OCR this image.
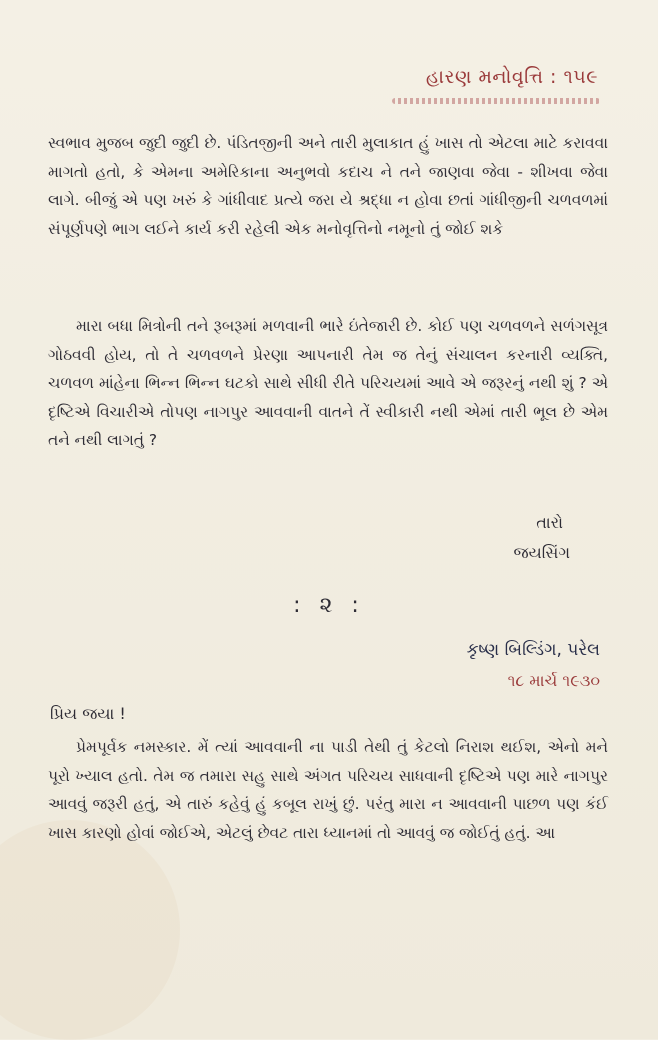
હારણ મનોવૃત્તિ : ૧૫૯
સ્વભાવ મુજબ જુદી જુદી છે. પંડિતજીની અને તારી મુલાકાત હું ખાસ તો એટલા માટે કરાવવા માગતો હતો, કે એમના અમેરિકાના અનુભવો કદાચ ને તને જાણવા જેવા - શીખવા જેવા લાગે. બીજું એ પણ ખરું કે ગાંધીવાદ પ્રત્યે જરા યે શ્રદ્ધા ન હોવા છતાં ગાંધીજીની ચળવળમાં સંપૂર્ણપણે ભાગ લઈને કાર્ય કરી રહેલી એક મનોવૃત્તિનો નમૂનો તું જોઈ શકે
મારા બધા મિત્રોની તને રૂબરૂમાં મળવાની ભારે ઇંતેજારી છે. કોઈ પણ ચળવળને સળંગસૂત્ર ગોઠવવી હોય, તો તે ચળવળને પ્રેરણા આપનારી તેમ જ તેનું સંચાલન કરનારી વ્યક્તિ, ચળવળ માંહેના ભિન્ન ભિન્ન ઘટકો સાથે સીધી રીતે પરિચયમાં આવે એ જરૂરનું નથી શું ? એ દૃષ્ટિએ વિચારીએ તોપણ નાગપુર આવવાની વાતને તેં સ્વીકારી નથી એમાં તારી ભૂલ છે એમ તને નથી લાગતું ?
તારો
જયસિંગ
: ૨ :
કૃષ્ણ બિલ્ડિંગ, પરેલ
૧૮ માર્ચ ૧૯૩૦
પ્રિય જયા !
પ્રેમપૂર્વક નમસ્કાર. મેં ત્યાં આવવાની ના પાડી તેથી તું કેટલો નિરાશ થઈશ, એનો મને પૂરો ખ્યાલ હતો. તેમ જ તમારા સહુ સાથે અંગત પરિચય સાધવાની દૃષ્ટિએ પણ મારે નાગપુર આવવું જરૂરી હતું, એ તારું કહેવું હું કબૂલ રાખું છું. પરંતુ મારા ન આવવાની પાછળ પણ કંઈ ખાસ કારણો હોવાં જોઈએ, એટલું છેવટ તારા ધ્યાનમાં તો આવવું જ જોઈતું હતું. આ
